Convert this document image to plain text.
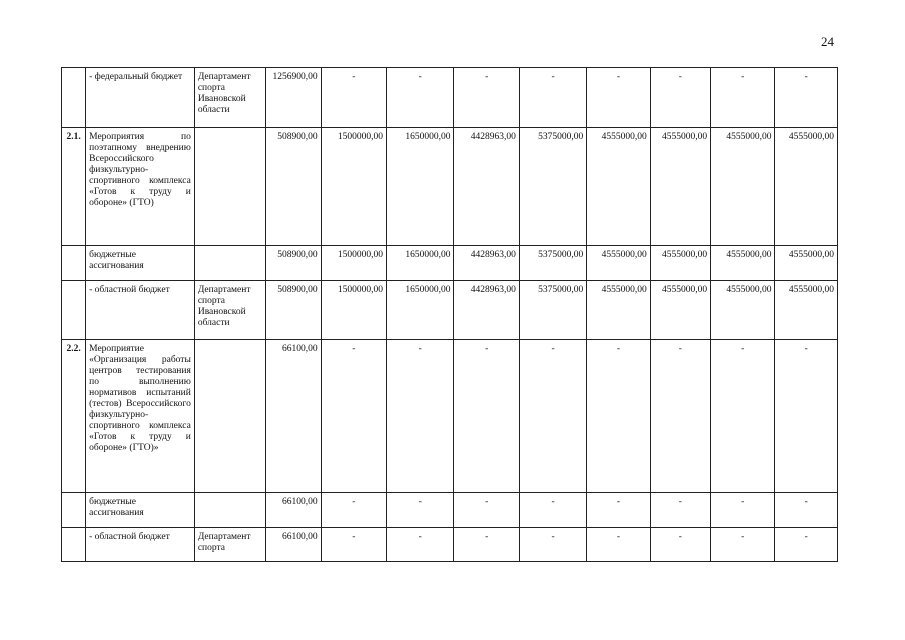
24
	- федеральный бюджет	Департамент спорта Ивановской области	1256900,00	-	-	-	-	-	-	-	-
2.1.	Мероприятия по поэтапному внедрению Всероссийского физкультурно-спортивного комплекса «Готов к труду и обороне» (ГТО)		508900,00	1500000,00	1650000,00	4428963,00	5375000,00	4555000,00	4555000,00	4555000,00	4555000,00
	бюджетные ассигнования		508900,00	1500000,00	1650000,00	4428963,00	5375000,00	4555000,00	4555000,00	4555000,00	4555000,00
	- областной бюджет	Департамент спорта Ивановской области	508900,00	1500000,00	1650000,00	4428963,00	5375000,00	4555000,00	4555000,00	4555000,00	4555000,00
2.2.	Мероприятие «Организация работы центров тестирования по выполнению нормативов испытаний (тестов) Всероссийского физкультурно-спортивного комплекса «Готов к труду и обороне» (ГТО)»		66100,00	-	-	-	-	-	-	-	-
	бюджетные ассигнования		66100,00	-	-	-	-	-	-	-	-
	- областной бюджет	Департамент спорта	66100,00	-	-	-	-	-	-	-	-
